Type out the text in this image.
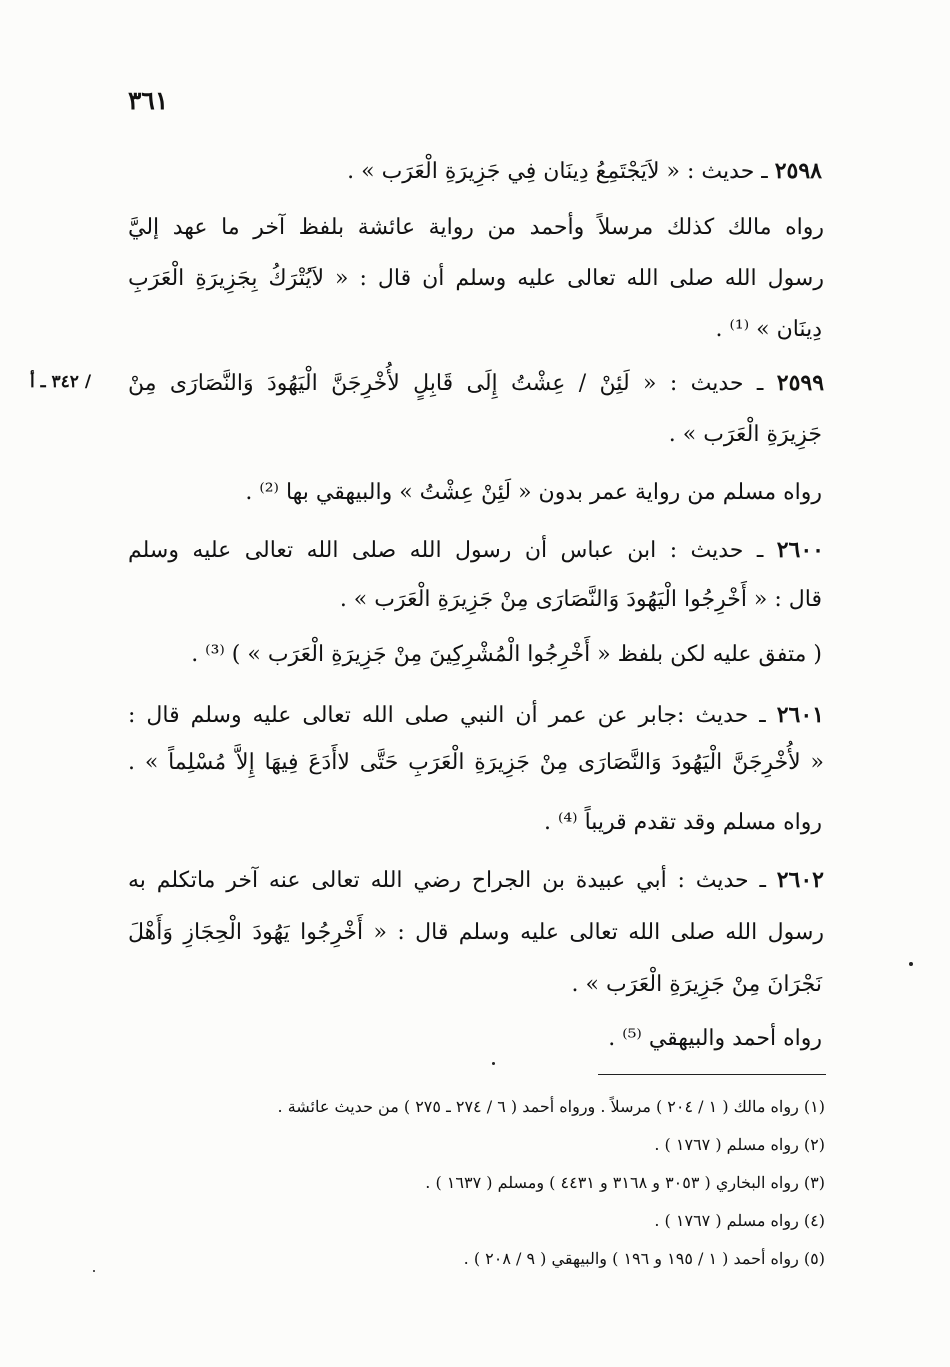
٣٦١
/ ٣٤٢ ـ أ
٢٥٩٨ ـ حديث : « لاَيَجْتَمِعُ دِينَان فِي جَزِيرَةِ الْعَرَب » .
رواه مالك كذلك مرسلاً وأحمد من رواية عائشة بلفظ آخر ما عهد إليَّ
رسول الله صلى الله تعالى عليه وسلم أن قال : « لاَيُتْرَكُ بِجَزِيرَةِ الْعَرَبِ
دِينَان » ⁽¹⁾ .
٢٥٩٩ ـ حديث : « لَئِنْ / عِشْتُ إِلَى قَابِلٍ لأُخْرِجَنَّ الْيَهُودَ وَالنَّصَارَى مِنْ
جَزِيرَةِ الْعَرَب » .
رواه مسلم من رواية عمر بدون « لَئِنْ عِشْتُ » والبيهقي بها ⁽²⁾ .
٢٦٠٠ ـ حديث : ابن عباس أن رسول الله صلى الله تعالى عليه وسلم
قال : « أَخْرِجُوا الْيَهُودَ وَالنَّصَارَى مِنْ جَزِيرَةِ الْعَرَب » .
( متفق عليه لكن بلفظ « أَخْرِجُوا الْمُشْرِكِينَ مِنْ جَزِيرَةِ الْعَرَب » ) ⁽³⁾ .
٢٦٠١ ـ حديث :جابر عن عمر أن النبي صلى الله تعالى عليه وسلم قال :
« لأُخْرِجَنَّ الْيَهُودَ وَالنَّصَارَى مِنْ جَزِيرَةِ الْعَرَبِ حَتَّى لاأَدَعَ فِيهَا إِلاَّ مُسْلِماً » .
رواه مسلم وقد تقدم قريباً ⁽⁴⁾ .
٢٦٠٢ ـ حديث : أبي عبيدة بن الجراح رضي الله تعالى عنه آخر ماتكلم به
رسول الله صلى الله تعالى عليه وسلم قال : « أَخْرِجُوا يَهُودَ الْحِجَازِ وَأَهْلَ
نَجْرَانَ مِنْ جَزِيرَةِ الْعَرَب » .
رواه أحمد والبيهقي ⁽⁵⁾ .
(١) رواه مالك ( ١ / ٢٠٤ ) مرسلاً . ورواه أحمد ( ٦ / ٢٧٤ ـ ٢٧٥ ) من حديث عائشة .
(٢) رواه مسلم ( ١٧٦٧ ) .
(٣) رواه البخاري ( ٣٠٥٣ و ٣١٦٨ و ٤٤٣١ ) ومسلم ( ١٦٣٧ ) .
(٤) رواه مسلم ( ١٧٦٧ ) .
(٥) رواه أحمد ( ١ / ١٩٥ و ١٩٦ ) والبيهقي ( ٩ / ٢٠٨ ) .
